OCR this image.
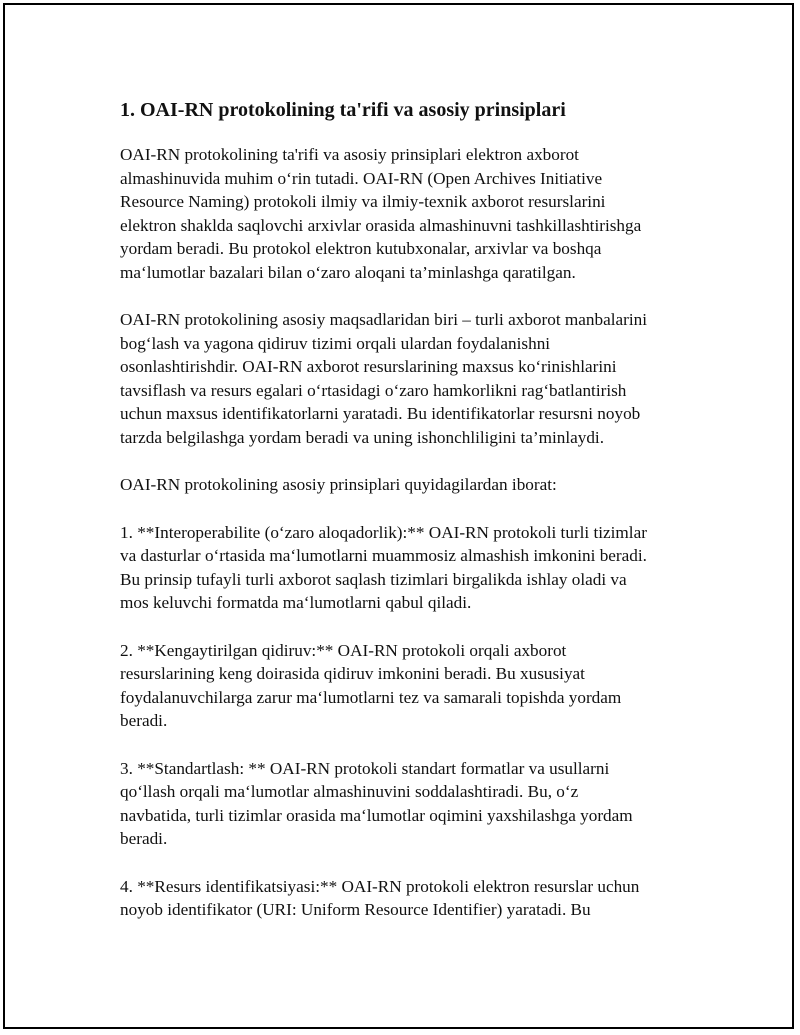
1. OAI-RN protokolining ta'rifi va asosiy prinsiplari

OAI-RN protokolining ta'rifi va asosiy prinsiplari elektron axborot
almashinuvida muhim o‘rin tutadi. OAI-RN (Open Archives Initiative
Resource Naming) protokoli ilmiy va ilmiy-texnik axborot resurslarini
elektron shaklda saqlovchi arxivlar orasida almashinuvni tashkillashtirishga
yordam beradi. Bu protokol elektron kutubxonalar, arxivlar va boshqa
ma‘lumotlar bazalari bilan o‘zaro aloqani ta’minlashga qaratilgan.

OAI-RN protokolining asosiy maqsadlaridan biri – turli axborot manbalarini
bog‘lash va yagona qidiruv tizimi orqali ulardan foydalanishni
osonlashtirishdir. OAI-RN axborot resurslarining maxsus ko‘rinishlarini
tavsiflash va resurs egalari o‘rtasidagi o‘zaro hamkorlikni rag‘batlantirish
uchun maxsus identifikatorlarni yaratadi. Bu identifikatorlar resursni noyob
tarzda belgilashga yordam beradi va uning ishonchliligini ta’minlaydi.

OAI-RN protokolining asosiy prinsiplari quyidagilardan iborat:

1. **Interoperabilite (o‘zaro aloqadorlik):** OAI-RN protokoli turli tizimlar
va dasturlar o‘rtasida ma‘lumotlarni muammosiz almashish imkonini beradi.
Bu prinsip tufayli turli axborot saqlash tizimlari birgalikda ishlay oladi va
mos keluvchi formatda ma‘lumotlarni qabul qiladi.

2. **Kengaytirilgan qidiruv:** OAI-RN protokoli orqali axborot
resurslarining keng doirasida qidiruv imkonini beradi. Bu xususiyat
foydalanuvchilarga zarur ma‘lumotlarni tez va samarali topishda yordam
beradi.

3. **Standartlash: ** OAI-RN protokoli standart formatlar va usullarni
qo‘llash orqali ma‘lumotlar almashinuvini soddalashtiradi. Bu, o‘z
navbatida, turli tizimlar orasida ma‘lumotlar oqimini yaxshilashga yordam
beradi.

4. **Resurs identifikatsiyasi:** OAI-RN protokoli elektron resurslar uchun
noyob identifikator (URI: Uniform Resource Identifier) yaratadi. Bu
